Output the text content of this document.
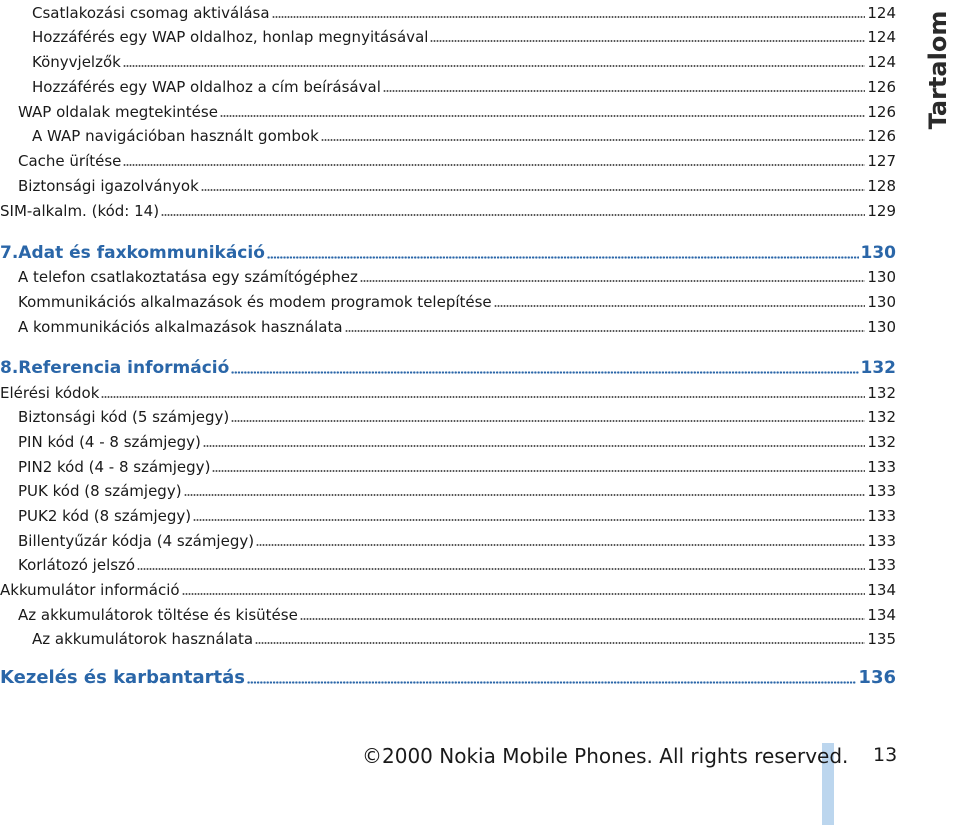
Csatlakozási csomag aktiválása	124
Hozzáférés egy WAP oldalhoz, honlap megnyitásával	124
Könyvjelzők	124
Hozzáférés egy WAP oldalhoz a cím beírásával	126
WAP oldalak megtekintése	126
A WAP navigációban használt gombok	126
Cache ürítése	127
Biztonsági igazolványok	128
SIM-alkalm. (kód: 14)	129
7.Adat és faxkommunikáció	130
A telefon csatlakoztatása egy számítógéphez	130
Kommunikációs alkalmazások és modem programok telepítése	130
A kommunikációs alkalmazások használata	130
8.Referencia információ	132
Elérési kódok	132
Biztonsági kód (5 számjegy)	132
PIN kód (4 - 8 számjegy)	132
PIN2 kód (4 - 8 számjegy)	133
PUK kód (8 számjegy)	133
PUK2 kód (8 számjegy)	133
Billentyűzár kódja (4 számjegy)	133
Korlátozó jelszó	133
Akkumulátor információ	134
Az akkumulátorok töltése és kisütése	134
Az akkumulátorok használata	135
Kezelés és karbantartás	136
Tartalom
©2000 Nokia Mobile Phones. All rights reserved. 13
